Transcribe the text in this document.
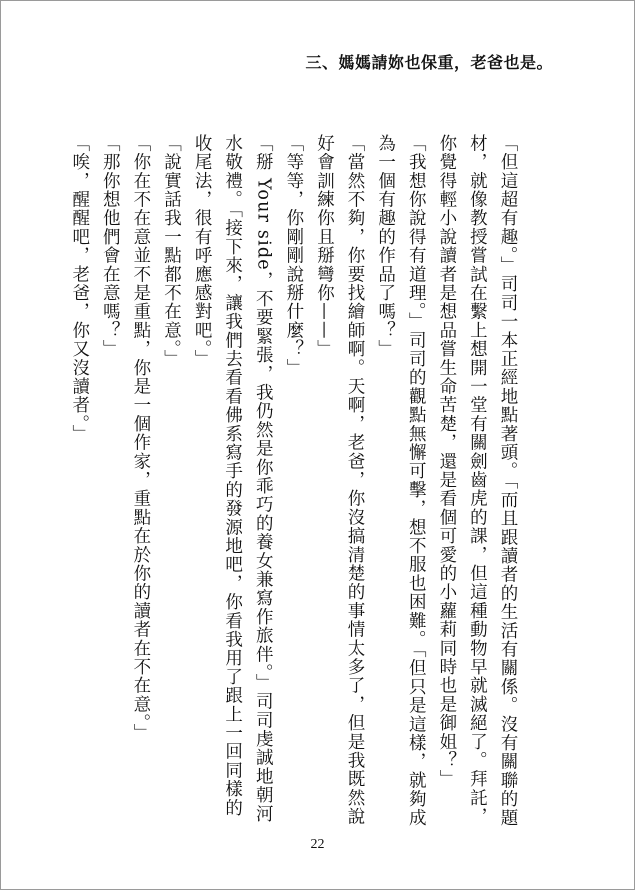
三、媽媽請妳也保重，老爸也是。

「但這超有趣。」司司一本正經地點著頭。「而且跟讀者的生活有關係。沒有關聯的題材，就像教授嘗試在繫上想開一堂有關劍齒虎的課，但這種動物早就滅絕了。拜託，你覺得輕小說讀者是想品嘗生命苦楚，還是看個可愛的小蘿莉同時也是御姐？」

「我想你說得有道理。」司司的觀點無懈可擊，想不服也困難。「但只是這樣，就夠成為一個有趣的作品了嗎？」

「當然不夠，你要找繪師啊。天啊，老爸，你沒搞清楚的事情太多了，但是我既然說好會訓練你且掰彎你——」

「等等，你剛剛說掰什麼？」

「掰 Your side，不要緊張，我仍然是你乖巧的養女兼寫作旅伴。」司司虔誠地朝河水敬禮。「接下來，讓我們去看看佛系寫手的發源地吧，你看我用了跟上一回同樣的收尾法，很有呼應感對吧。」

「說實話我一點都不在意。」

「你在不在意並不是重點，你是一個作家，重點在於你的讀者在不在意。」

「那你想他們會在意嗎？」

「唉，醒醒吧，老爸，你又沒讀者。」

22
